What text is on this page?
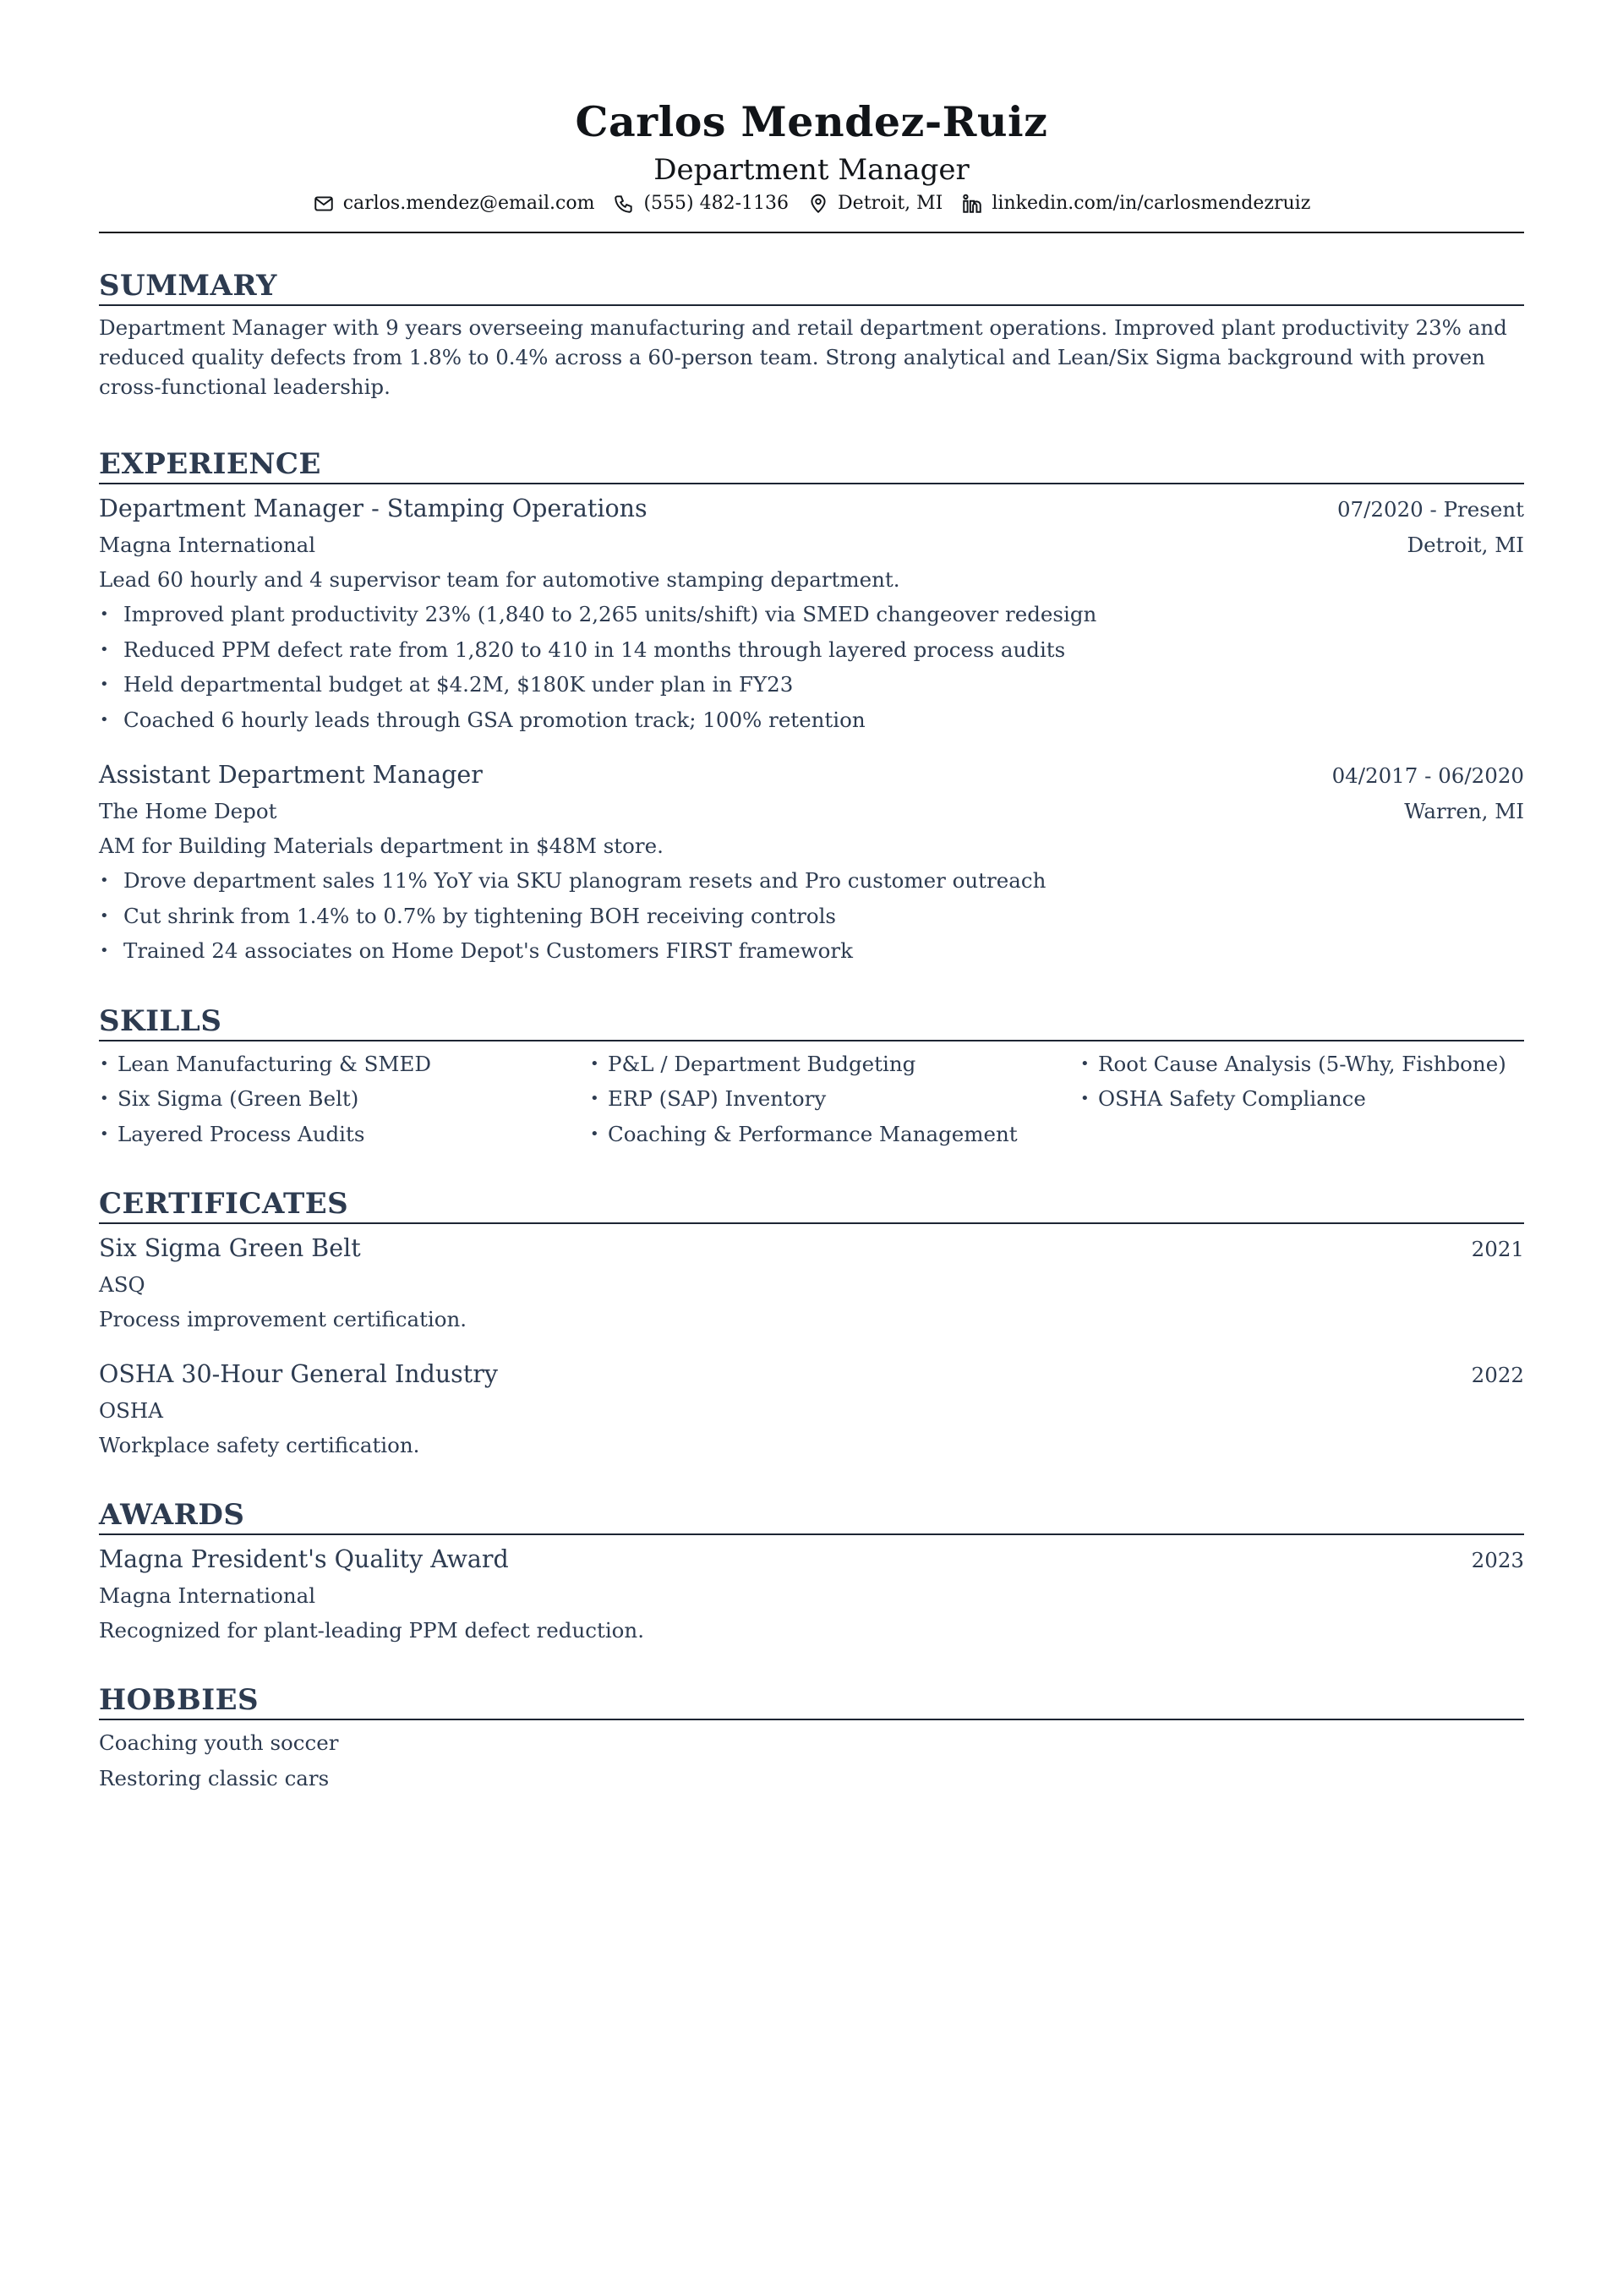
Carlos Mendez-Ruiz
Department Manager
carlos.mendez@email.com	(555) 482-1136	Detroit, MI	linkedin.com/in/carlosmendezruiz
SUMMARY
Department Manager with 9 years overseeing manufacturing and retail department operations. Improved plant productivity 23% and reduced quality defects from 1.8% to 0.4% across a 60-person team. Strong analytical and Lean/Six Sigma background with proven cross-functional leadership.
EXPERIENCE
Department Manager - Stamping Operations	07/2020 - Present
Magna International	Detroit, MI
Lead 60 hourly and 4 supervisor team for automotive stamping department.
• Improved plant productivity 23% (1,840 to 2,265 units/shift) via SMED changeover redesign
• Reduced PPM defect rate from 1,820 to 410 in 14 months through layered process audits
• Held departmental budget at $4.2M, $180K under plan in FY23
• Coached 6 hourly leads through GSA promotion track; 100% retention
Assistant Department Manager	04/2017 - 06/2020
The Home Depot	Warren, MI
AM for Building Materials department in $48M store.
• Drove department sales 11% YoY via SKU planogram resets and Pro customer outreach
• Cut shrink from 1.4% to 0.7% by tightening BOH receiving controls
• Trained 24 associates on Home Depot's Customers FIRST framework
SKILLS
• Lean Manufacturing & SMED	• P&L / Department Budgeting	• Root Cause Analysis (5-Why, Fishbone)
• Six Sigma (Green Belt)	• ERP (SAP) Inventory	• OSHA Safety Compliance
• Layered Process Audits	• Coaching & Performance Management
CERTIFICATES
Six Sigma Green Belt	2021
ASQ
Process improvement certification.
OSHA 30-Hour General Industry	2022
OSHA
Workplace safety certification.
AWARDS
Magna President's Quality Award	2023
Magna International
Recognized for plant-leading PPM defect reduction.
HOBBIES
Coaching youth soccer
Restoring classic cars
